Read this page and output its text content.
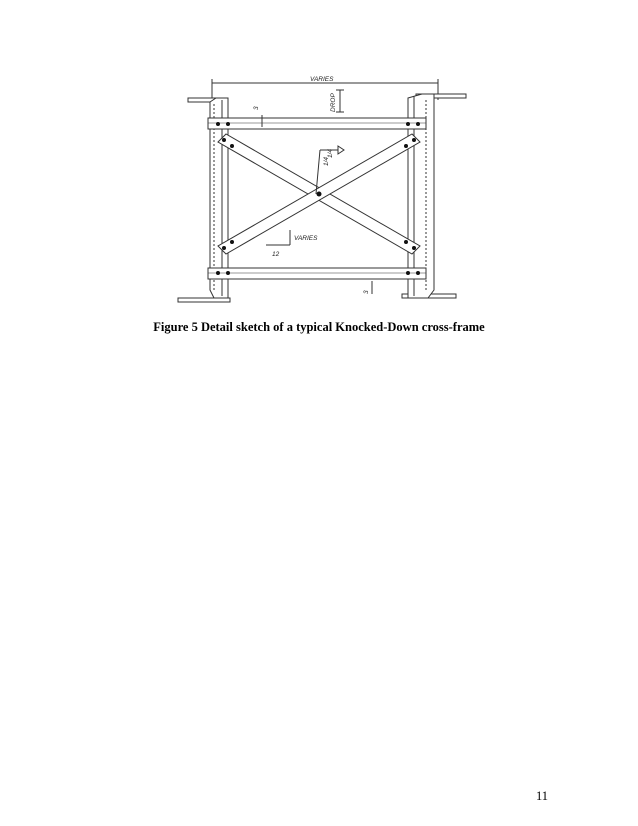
VARIES
DROP
3
3
VARIES
12
1/4
1/4
Figure 5 Detail sketch of a typical Knocked-Down cross-frame
11
